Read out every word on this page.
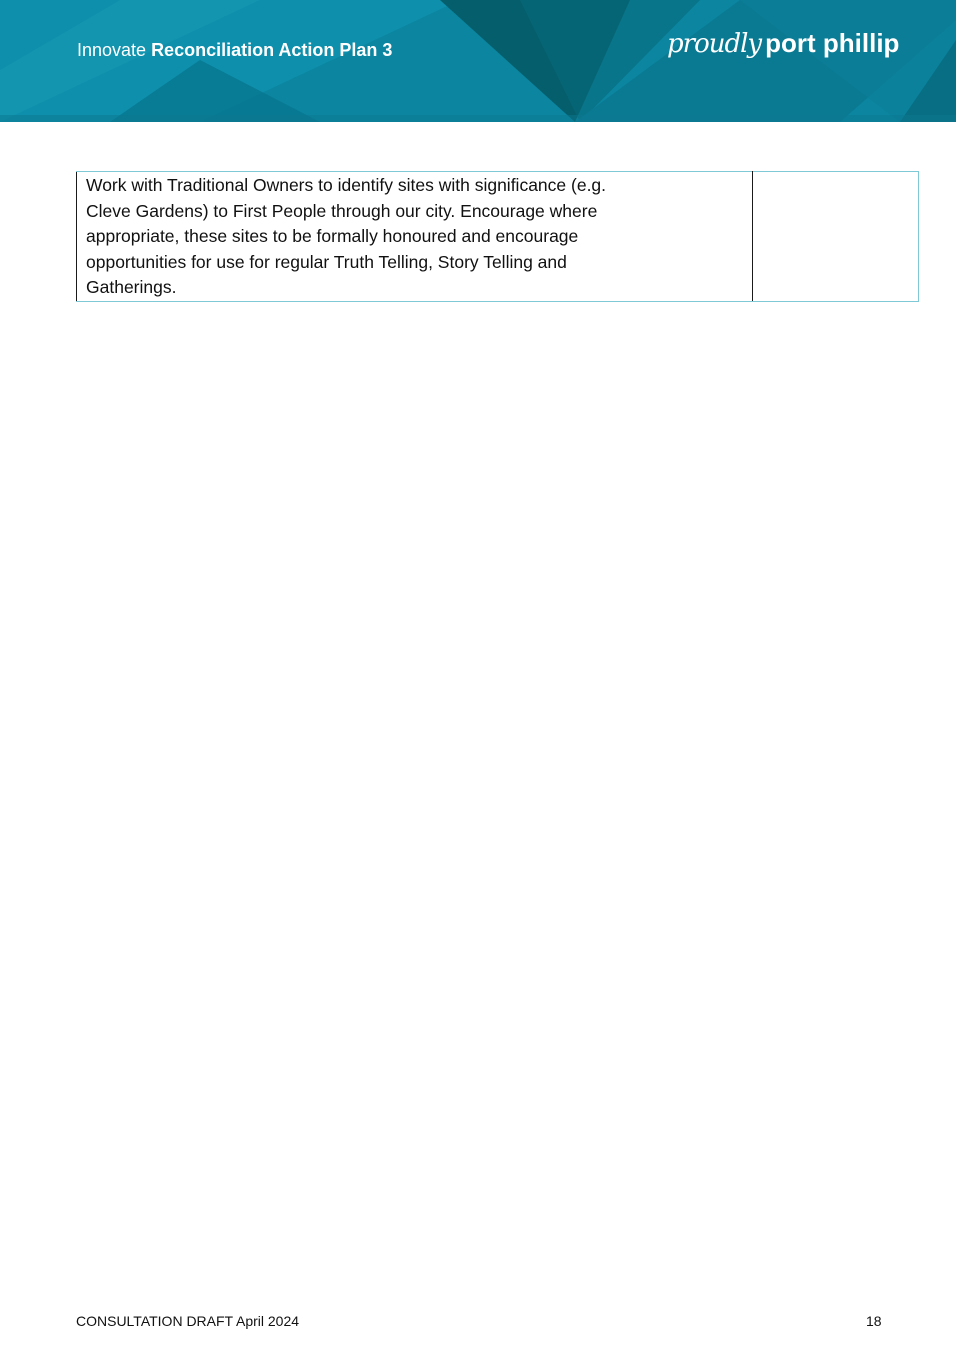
Innovate Reconciliation Action Plan 3	proudly port phillip

Work with Traditional Owners to identify sites with significance (e.g. Cleve Gardens) to First People through our city. Encourage where appropriate, these sites to be formally honoured and encourage opportunities for use for regular Truth Telling, Story Telling and Gatherings.

CONSULTATION DRAFT April 2024	18
